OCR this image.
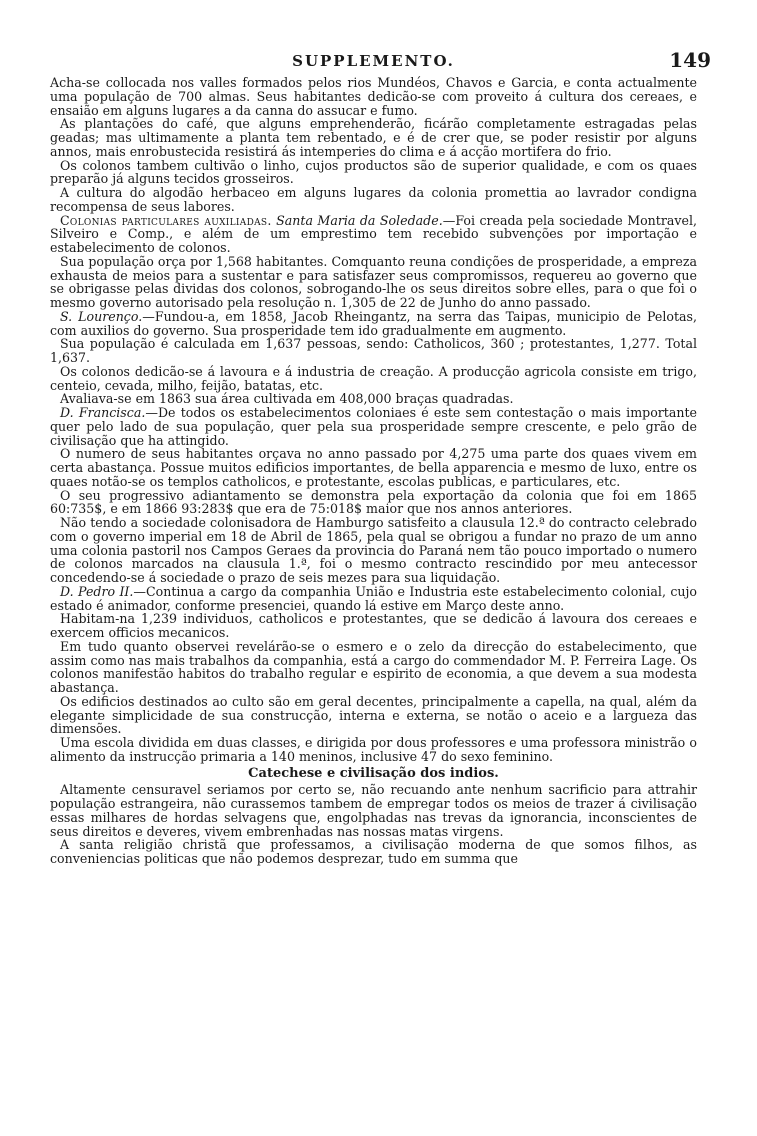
SUPPLEMENTO.	149

Acha-se collocada nos valles formados pelos rios Mundéos, Chavos e Garcia, e conta actualmente uma população de 700 almas. Seus habitantes dedicão-se com proveito á cultura dos cereaes, e ensaião em alguns lugares a da canna do assucar e fumo.

As plantações do café, que alguns emprehenderão, ficárão completamente estragadas pelas geadas; mas ultimamente a planta tem rebentado, e é de crer que, se poder resistir por alguns annos, mais enrobustecida resistirá ás intemperies do clima e á acção mortifera do frio.

Os colonos tambem cultivão o linho, cujos productos são de superior qualidade, e com os quaes preparão já alguns tecidos grosseiros.

A cultura do algodão herbaceo em alguns lugares da colonia promettia ao lavrador condigna recompensa de seus labores.

Colonias particulares auxiliadas. Santa Maria da Soledade.—Foi creada pela sociedade Montravel, Silveiro e Comp., e além de um emprestimo tem recebido subvenções por importação e estabelecimento de colonos.

Sua população orça por 1,568 habitantes. Comquanto reuna condições de prosperidade, a empreza exhausta de meios para a sustentar e para satisfazer seus compromissos, requereu ao governo que se obrigasse pelas dividas dos colonos, sobrogando-lhe os seus direitos sobre elles, para o que foi o mesmo governo autorisado pela resolução n. 1,305 de 22 de Junho do anno passado.

S. Lourenço.—Fundou-a, em 1858, Jacob Rheingantz, na serra das Taipas, municipio de Pelotas, com auxilios do governo. Sua prosperidade tem ido gradualmente em augmento.

Sua população é calculada em 1,637 pessoas, sendo: Catholicos, 360 ; protestantes, 1,277. Total 1,637.

Os colonos dedicão-se á lavoura e á industria de creação. A producção agricola consiste em trigo, centeio, cevada, milho, feijão, batatas, etc.

Avaliava-se em 1863 sua área cultivada em 408,000 braças quadradas.

D. Francisca.—De todos os estabelecimentos coloniaes é este sem contestação o mais importante quer pelo lado de sua população, quer pela sua prosperidade sempre crescente, e pelo grão de civilisação que ha attingido.

O numero de seus habitantes orçava no anno passado por 4,275 uma parte dos quaes vivem em certa abastança. Possue muitos edificios importantes, de bella apparencia e mesmo de luxo, entre os quaes notão-se os templos catholicos, e protestante, escolas publicas, e particulares, etc.

O seu progressivo adiantamento se demonstra pela exportação da colonia que foi em 1865 60:735$, e em 1866 93:283$ que era de 75:018$ maior que nos annos anteriores.

Não tendo a sociedade colonisadora de Hamburgo satisfeito a clausula 12.ª do contracto celebrado com o governo imperial em 18 de Abril de 1865, pela qual se obrigou a fundar no prazo de um anno uma colonia pastoril nos Campos Geraes da provincia do Paraná nem tão pouco importado o numero de colonos marcados na clausula 1.ª, foi o mesmo contracto rescindido por meu antecessor concedendo-se á sociedade o prazo de seis mezes para sua liquidação.

D. Pedro II.—Continua a cargo da companhia União e Industria este estabelecimento colonial, cujo estado é animador, conforme presenciei, quando lá estive em Março deste anno.

Habitam-na 1,239 individuos, catholicos e protestantes, que se dedicão á lavoura dos cereaes e exercem officios mecanicos.

Em tudo quanto observei revelárão-se o esmero e o zelo da direcção do estabelecimento, que assim como nas mais trabalhos da companhia, está a cargo do commendador M. P. Ferreira Lage. Os colonos manifestão habitos do trabalho regular e espirito de economia, a que devem a sua modesta abastança.

Os edificios destinados ao culto são em geral decentes, principalmente a capella, na qual, além da elegante simplicidade de sua construcção, interna e externa, se notão o aceio e a largueza das dimensões.

Uma escola dividida em duas classes, e dirigida por dous professores e uma professora ministrão o alimento da instrucção primaria a 140 meninos, inclusive 47 do sexo feminino.

Catechese e civilisação dos indios.

Altamente censuravel seriamos por certo se, não recuando ante nenhum sacrificio para attrahir população estrangeira, não curassemos tambem de empregar todos os meios de trazer á civilisação essas milhares de hordas selvagens que, engolphadas nas trevas da ignorancia, inconscientes de seus direitos e deveres, vivem embrenhadas nas nossas matas virgens.

A santa religião christã que professamos, a civilisação moderna de que somos filhos, as conveniencias politicas que não podemos desprezar, tudo em summa que
